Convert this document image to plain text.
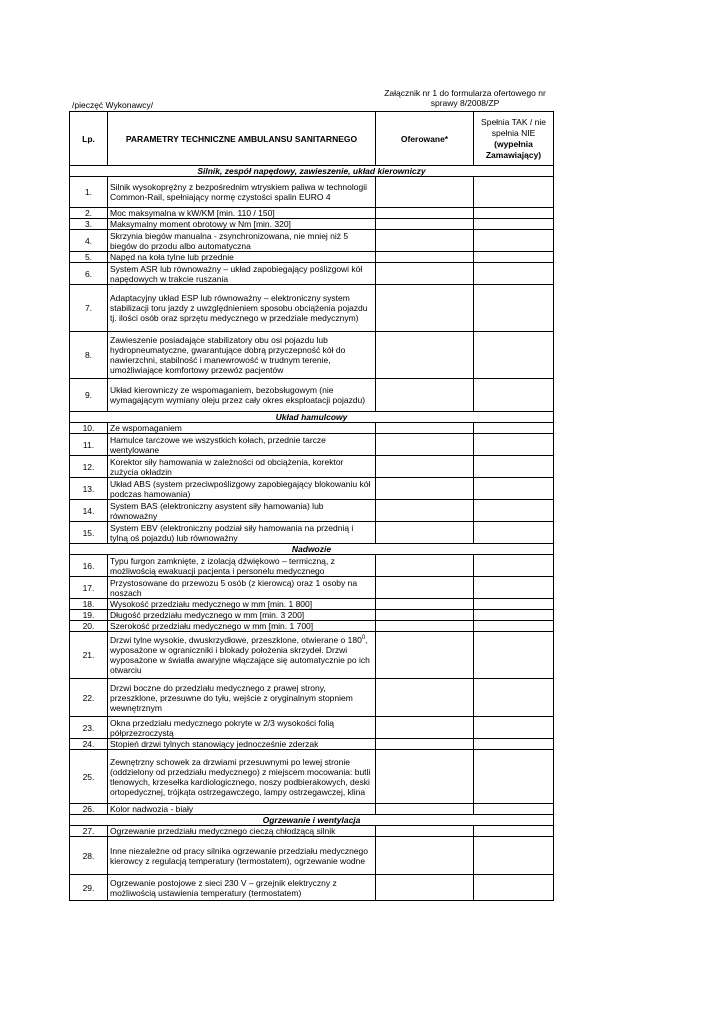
Załącznik nr 1 do formularza ofertowego nr
sprawy 8/2008/ZP
/pieczęć Wykonawcy/
Lp.	PARAMETRY TECHNICZNE AMBULANSU SANITARNEGO	Oferowane*	Spełnia TAK / nie
spełnia NIE
(wypełnia
Zamawiający)
Silnik, zespół napędowy, zawieszenie, układ kierowniczy			
1.	Silnik wysokoprężny z bezpośrednim wtryskiem paliwa w technologii
Common-Rail, spełniający normę czystości spalin EURO 4		
2.	Moc maksymalna w kW/KM [min. 110 / 150]		
3.	Maksymalny moment obrotowy w Nm [min. 320]		
4.	Skrzynia biegów manualna - zsynchronizowana, nie mniej niż 5
biegów do przodu albo automatyczna		
5.	Napęd na koła tylne lub przednie		
6.	System ASR lub równoważny – układ zapobiegający poślizgowi kół
napędowych w trakcie ruszania		
7.	Adaptacyjny układ ESP lub równoważny – elektroniczny system
stabilizacji toru jazdy z uwzględnieniem sposobu obciążenia pojazdu
tj. ilości osób oraz sprzętu medycznego w przedziale medycznym)		
8.	Zawieszenie posiadające stabilizatory obu osi pojazdu lub
hydropneumatyczne, gwarantujące dobrą przyczepność kół do
nawierzchni, stabilność i manewrowość w trudnym terenie,
umożliwiające komfortowy przewóz pacjentów		
9.	Układ kierowniczy ze wspomaganiem, bezobsługowym (nie
wymagającym wymiany oleju przez cały okres eksploatacji pojazdu)		
Układ hamulcowy			
10.	Ze wspomaganiem		
11.	Hamulce tarczowe we wszystkich kołach, przednie tarcze
wentylowane		
12.	Korektor siły hamowania w zależności od obciążenia, korektor
zużycia okładzin		
13.	Układ ABS (system przeciwpoślizgowy zapobiegający blokowaniu kół
podczas hamowania)		
14.	System BAS (elektroniczny asystent siły hamowania) lub
równoważny		
15.	System EBV (elektroniczny podział siły hamowania na przednią i
tylną oś pojazdu) lub równoważny		
Nadwozie			
16.	Typu furgon zamknięte, z izolacją dźwiękowo – termiczną, z
możliwością ewakuacji pacjenta i personelu medycznego		
17.	Przystosowane do przewozu 5 osób (z kierowcą) oraz 1 osoby na
noszach		
18.	Wysokość przedziału medycznego w mm [min. 1 800]		
19.	Długość przedziału medycznego w mm [min. 3 200]		
20.	Szerokość przedziału medycznego w mm [min. 1 700]		
21.	Drzwi tylne wysokie, dwuskrzydłowe, przeszklone, otwierane o $180^0$,
wyposażone w ograniczniki i blokady położenia skrzydeł. Drzwi
wyposażone w światła awaryjne włączające się automatycznie po ich
otwarciu		
22.	Drzwi boczne do przedziału medycznego z prawej strony,
przeszklone, przesuwne do tyłu, wejście z oryginalnym stopniem
wewnętrznym		
23.	Okna przedziału medycznego pokryte w 2/3 wysokości folią
półprzezroczystą		
24.	Stopień drzwi tylnych stanowiący jednocześnie zderzak		
25.	Zewnętrzny schowek za drzwiami przesuwnymi po lewej stronie
(oddzielony od przedziału medycznego) z miejscem mocowania: butli
tlenowych, krzesełka kardiologicznego, noszy podbierakowych, deski
ortopedycznej, trójkąta ostrzegawczego, lampy ostrzegawczej, klina		
26.	Kolor nadwozia - biały		
Ogrzewanie i wentylacja			
27.	Ogrzewanie przedziału medycznego cieczą chłodzącą silnik		
28.	Inne niezależne od pracy silnika ogrzewanie przedziału medycznego
kierowcy z regulacją temperatury (termostatem), ogrzewanie wodne		
29.	Ogrzewanie postojowe z sieci 230 V – grzejnik elektryczny z
możliwością ustawienia temperatury (termostatem)		
